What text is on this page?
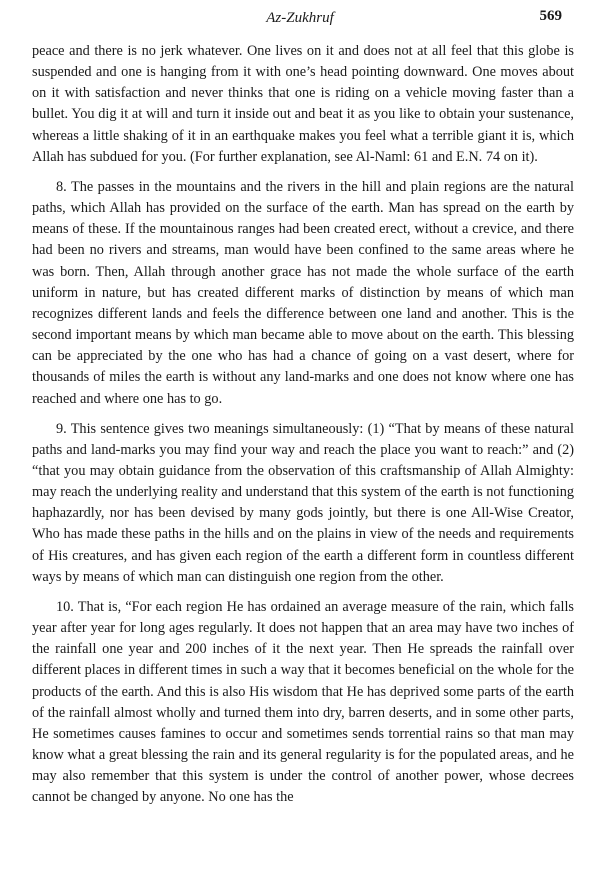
Az-Zukhruf	569

peace and there is no jerk whatever. One lives on it and does not at all feel that this globe is suspended and one is hanging from it with one’s head pointing downward. One moves about on it with satisfaction and never thinks that one is riding on a vehicle moving faster than a bullet. You dig it at will and turn it inside out and beat it as you like to obtain your sustenance, whereas a little shaking of it in an earthquake makes you feel what a terrible giant it is, which Allah has subdued for you. (For further explanation, see Al-Naml: 61 and E.N. 74 on it).

8. The passes in the mountains and the rivers in the hill and plain regions are the natural paths, which Allah has provided on the surface of the earth. Man has spread on the earth by means of these. If the mountainous ranges had been created erect, without a crevice, and there had been no rivers and streams, man would have been confined to the same areas where he was born. Then, Allah through another grace has not made the whole surface of the earth uniform in nature, but has created different marks of distinction by means of which man recognizes different lands and feels the difference between one land and another. This is the second important means by which man became able to move about on the earth. This blessing can be appreciated by the one who has had a chance of going on a vast desert, where for thousands of miles the earth is without any land-marks and one does not know where one has reached and where one has to go.

9. This sentence gives two meanings simultaneously: (1) “That by means of these natural paths and land-marks you may find your way and reach the place you want to reach:” and (2) “that you may obtain guidance from the observation of this craftsmanship of Allah Almighty: may reach the underlying reality and understand that this system of the earth is not functioning haphazardly, nor has been devised by many gods jointly, but there is one All-Wise Creator, Who has made these paths in the hills and on the plains in view of the needs and requirements of His creatures, and has given each region of the earth a different form in countless different ways by means of which man can distinguish one region from the other.

10. That is, “For each region He has ordained an average measure of the rain, which falls year after year for long ages regularly. It does not happen that an area may have two inches of the rainfall one year and 200 inches of it the next year. Then He spreads the rainfall over different places in different times in such a way that it becomes beneficial on the whole for the products of the earth. And this is also His wisdom that He has deprived some parts of the earth of the rainfall almost wholly and turned them into dry, barren deserts, and in some other parts, He sometimes causes famines to occur and sometimes sends torrential rains so that man may know what a great blessing the rain and its general regularity is for the populated areas, and he may also remember that this system is under the control of another power, whose decrees cannot be changed by anyone. No one has the
